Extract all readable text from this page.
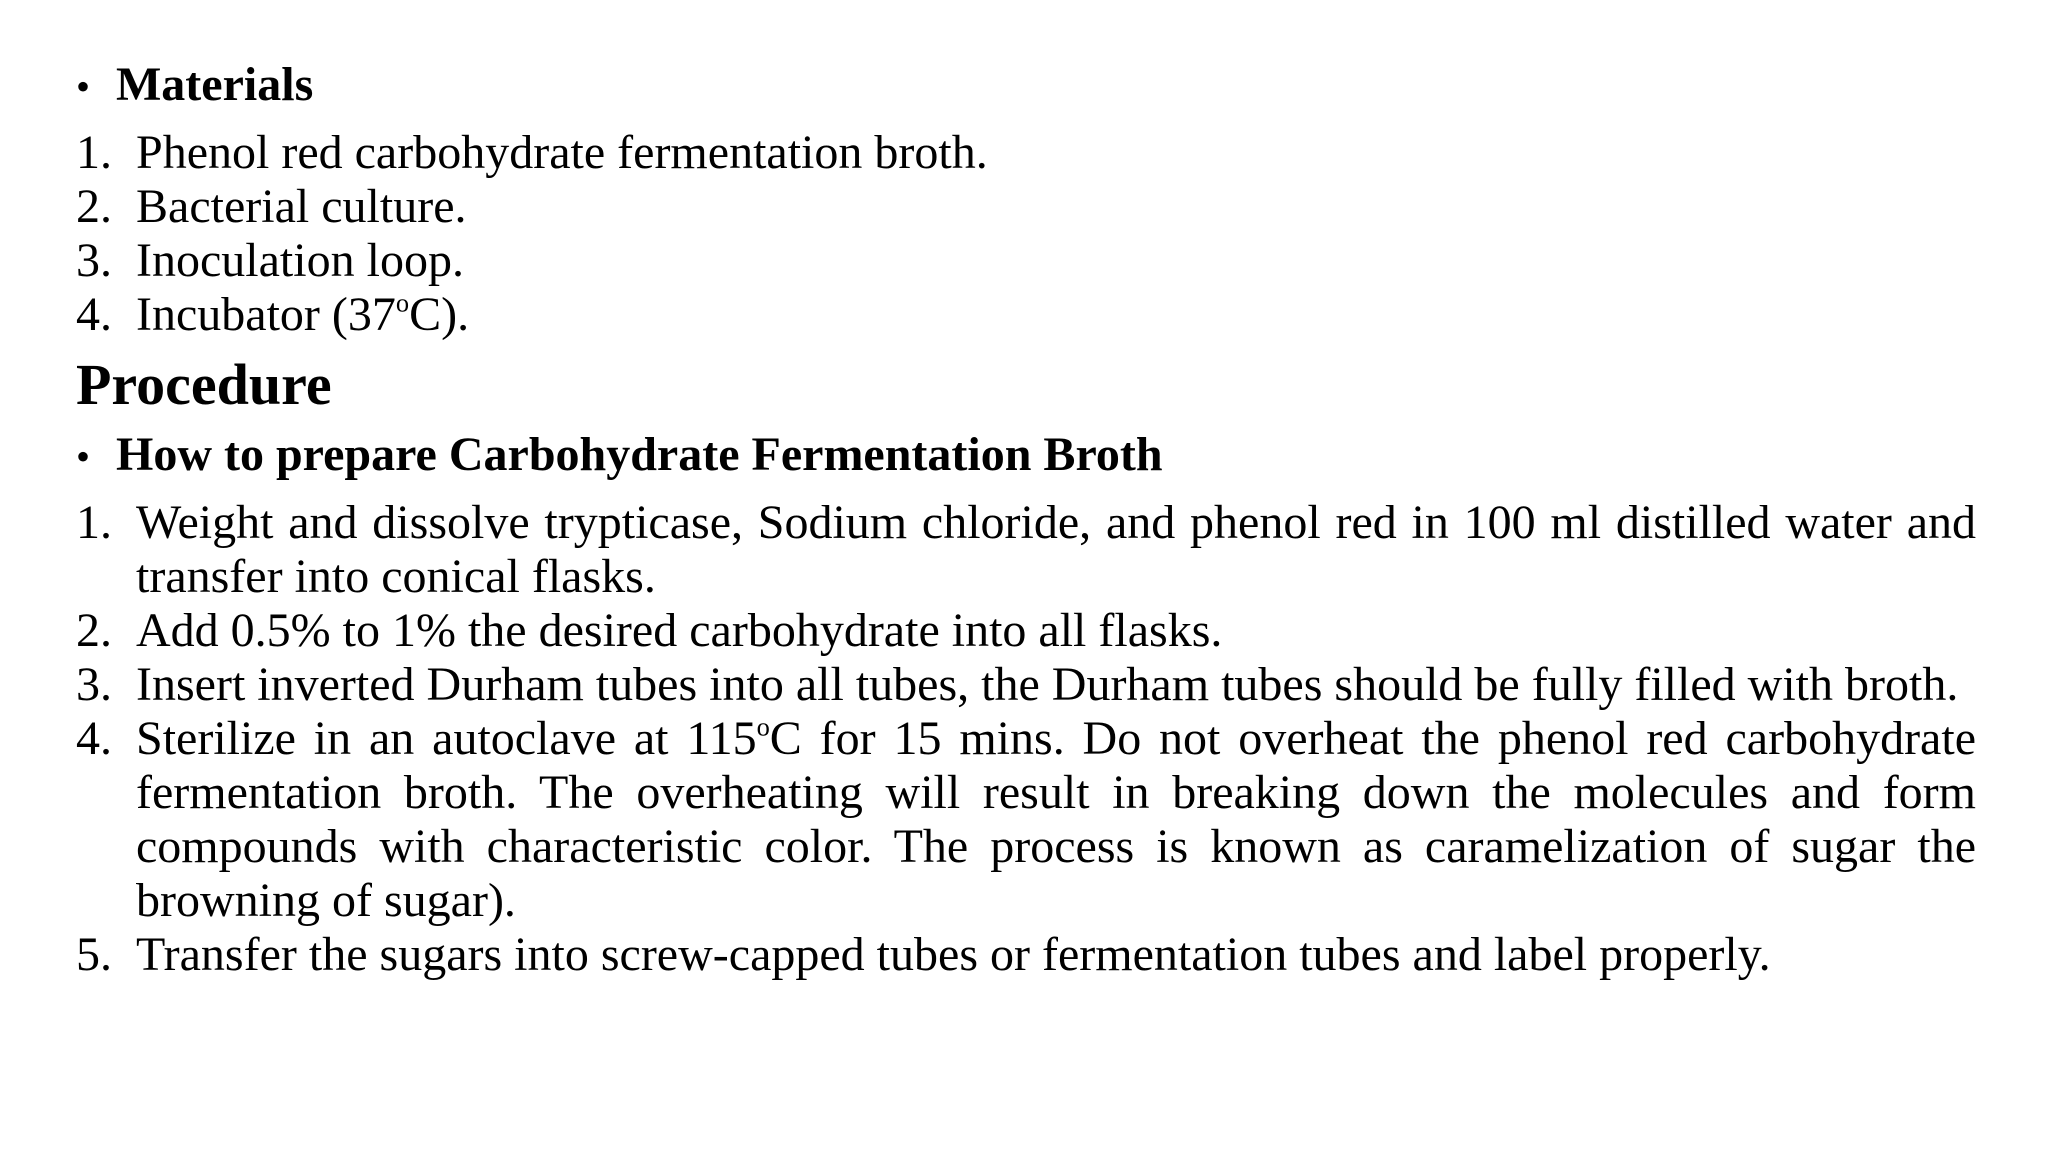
• Materials
1. Phenol red carbohydrate fermentation broth.
2. Bacterial culture.
3. Inoculation loop.
4. Incubator (37$^o$C).
Procedure
• How to prepare Carbohydrate Fermentation Broth
1. Weight and dissolve trypticase, Sodium chloride, and phenol red in 100 ml distilled water and transfer into conical flasks.
2. Add 0.5% to 1% the desired carbohydrate into all flasks.
3. Insert inverted Durham tubes into all tubes, the Durham tubes should be fully filled with broth.
4. Sterilize in an autoclave at 115$^o$C for 15 mins. Do not overheat the phenol red carbohydrate fermentation broth. The overheating will result in breaking down the molecules and form compounds with characteristic color. The process is known as caramelization of sugar the browning of sugar).
5. Transfer the sugars into screw-capped tubes or fermentation tubes and label properly.
